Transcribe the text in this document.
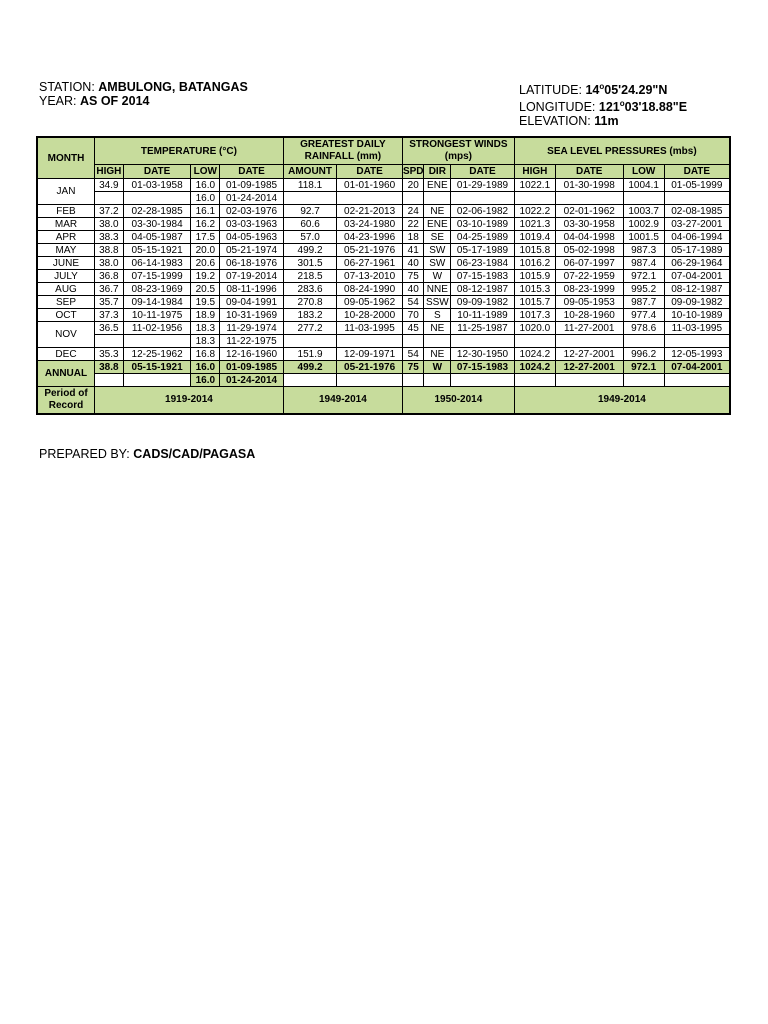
STATION: AMBULONG, BATANGAS
YEAR: AS OF 2014
LATITUDE: 14$^o$05'24.29"N
LONGITUDE: 121$^o$03'18.88"E
ELEVATION: 11m
MONTH	TEMPERATURE (°C)				GREATEST DAILY RAINFALL (mm)		STRONGEST WINDS (mps)			SEA LEVEL PRESSURES (mbs)			
	HIGH	DATE	LOW	DATE	AMOUNT	DATE	SPD	DIR	DATE	HIGH	DATE	LOW	DATE
JAN	34.9	01-03-1958	16.0	01-09-1985	118.1	01-01-1960	20	ENE	01-29-1989	1022.1	01-30-1998	1004.1	01-05-1999
			16.0	01-24-2014									
FEB	37.2	02-28-1985	16.1	02-03-1976	92.7	02-21-2013	24	NE	02-06-1982	1022.2	02-01-1962	1003.7	02-08-1985
MAR	38.0	03-30-1984	16.2	03-03-1963	60.6	03-24-1980	22	ENE	03-10-1989	1021.3	03-30-1958	1002.9	03-27-2001
APR	38.3	04-05-1987	17.5	04-05-1963	57.0	04-23-1996	18	SE	04-25-1989	1019.4	04-04-1998	1001.5	04-06-1994
MAY	38.8	05-15-1921	20.0	05-21-1974	499.2	05-21-1976	41	SW	05-17-1989	1015.8	05-02-1998	987.3	05-17-1989
JUNE	38.0	06-14-1983	20.6	06-18-1976	301.5	06-27-1961	40	SW	06-23-1984	1016.2	06-07-1997	987.4	06-29-1964
JULY	36.8	07-15-1999	19.2	07-19-2014	218.5	07-13-2010	75	W	07-15-1983	1015.9	07-22-1959	972.1	07-04-2001
AUG	36.7	08-23-1969	20.5	08-11-1996	283.6	08-24-1990	40	NNE	08-12-1987	1015.3	08-23-1999	995.2	08-12-1987
SEP	35.7	09-14-1984	19.5	09-04-1991	270.8	09-05-1962	54	SSW	09-09-1982	1015.7	09-05-1953	987.7	09-09-1982
OCT	37.3	10-11-1975	18.9	10-31-1969	183.2	10-28-2000	70	S	10-11-1989	1017.3	10-28-1960	977.4	10-10-1989
NOV	36.5	11-02-1956	18.3	11-29-1974	277.2	11-03-1995	45	NE	11-25-1987	1020.0	11-27-2001	978.6	11-03-1995
			18.3	11-22-1975									
DEC	35.3	12-25-1962	16.8	12-16-1960	151.9	12-09-1971	54	NE	12-30-1950	1024.2	12-27-2001	996.2	12-05-1993
ANNUAL	38.8	05-15-1921	16.0	01-09-1985	499.2	05-21-1976	75	W	07-15-1983	1024.2	12-27-2001	972.1	07-04-2001
			16.0	01-24-2014									
Period of Record	1919-2014				1949-2014		1950-2014			1949-2014			
PREPARED BY: CADS/CAD/PAGASA
